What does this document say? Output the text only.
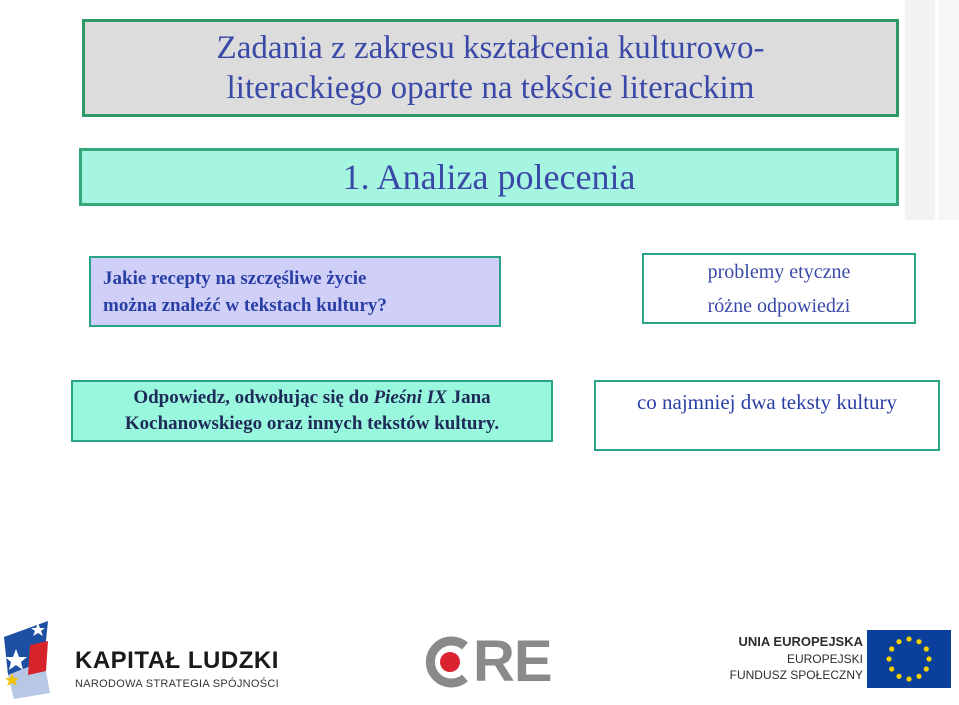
Zadania z zakresu kształcenia kulturowo-
literackiego oparte na tekście literackim
1. Analiza polecenia
Jakie recepty na szczęśliwe życie
można znaleźć w tekstach kultury?
problemy etyczne
różne odpowiedzi
Odpowiedz, odwołując się do Pieśni IX Jana
Kochanowskiego oraz innych tekstów kultury.
co najmniej dwa teksty kultury
KAPITAŁ LUDZKI
NARODOWA STRATEGIA SPÓJNOŚCI	RE	UNIA EUROPEJSKA
EUROPEJSKI
FUNDUSZ SPOŁECZNY
